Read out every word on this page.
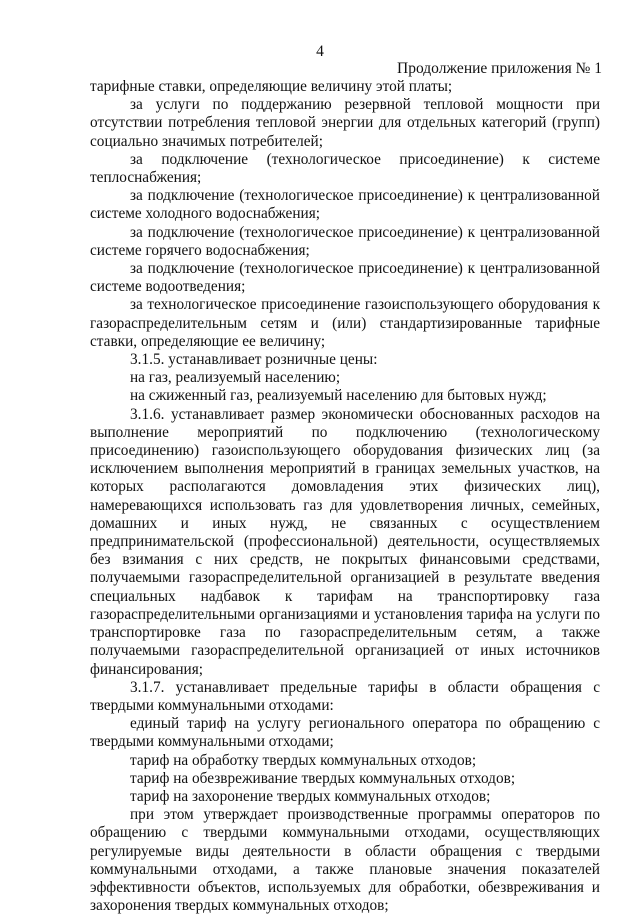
4
Продолжение приложения № 1

тарифные ставки, определяющие величину этой платы;

за услуги по поддержанию резервной тепловой мощности при отсутствии потребления тепловой энергии для отдельных категорий (групп) социально значимых потребителей;

за подключение (технологическое присоединение) к системе теплоснабжения;

за подключение (технологическое присоединение) к централизованной системе холодного водоснабжения;

за подключение (технологическое присоединение) к централизованной системе горячего водоснабжения;

за подключение (технологическое присоединение) к централизованной системе водоотведения;

за технологическое присоединение газоиспользующего оборудования к газораспределительным сетям и (или) стандартизированные тарифные ставки, определяющие ее величину;

3.1.5. устанавливает розничные цены:

на газ, реализуемый населению;

на сжиженный газ, реализуемый населению для бытовых нужд;

3.1.6. устанавливает размер экономически обоснованных расходов на выполнение мероприятий по подключению (технологическому присоединению) газоиспользующего оборудования физических лиц (за исключением выполнения мероприятий в границах земельных участков, на которых располагаются домовладения этих физических лиц), намеревающихся использовать газ для удовлетворения личных, семейных, домашних и иных нужд, не связанных с осуществлением предпринимательской (профессиональной) деятельности, осуществляемых без взимания с них средств, не покрытых финансовыми средствами, получаемыми газораспределительной организацией в результате введения специальных надбавок к тарифам на транспортировку газа газораспределительными организациями и установления тарифа на услуги по транспортировке газа по газораспределительным сетям, а также получаемыми газораспределительной организацией от иных источников финансирования;

3.1.7. устанавливает предельные тарифы в области обращения с твердыми коммунальными отходами:

единый тариф на услугу регионального оператора по обращению с твердыми коммунальными отходами;

тариф на обработку твердых коммунальных отходов;

тариф на обезвреживание твердых коммунальных отходов;

тариф на захоронение твердых коммунальных отходов;

при этом утверждает производственные программы операторов по обращению с твердыми коммунальными отходами, осуществляющих регулируемые виды деятельности в области обращения с твердыми коммунальными отходами, а также плановые значения показателей эффективности объектов, используемых для обработки, обезвреживания и захоронения твердых коммунальных отходов;
